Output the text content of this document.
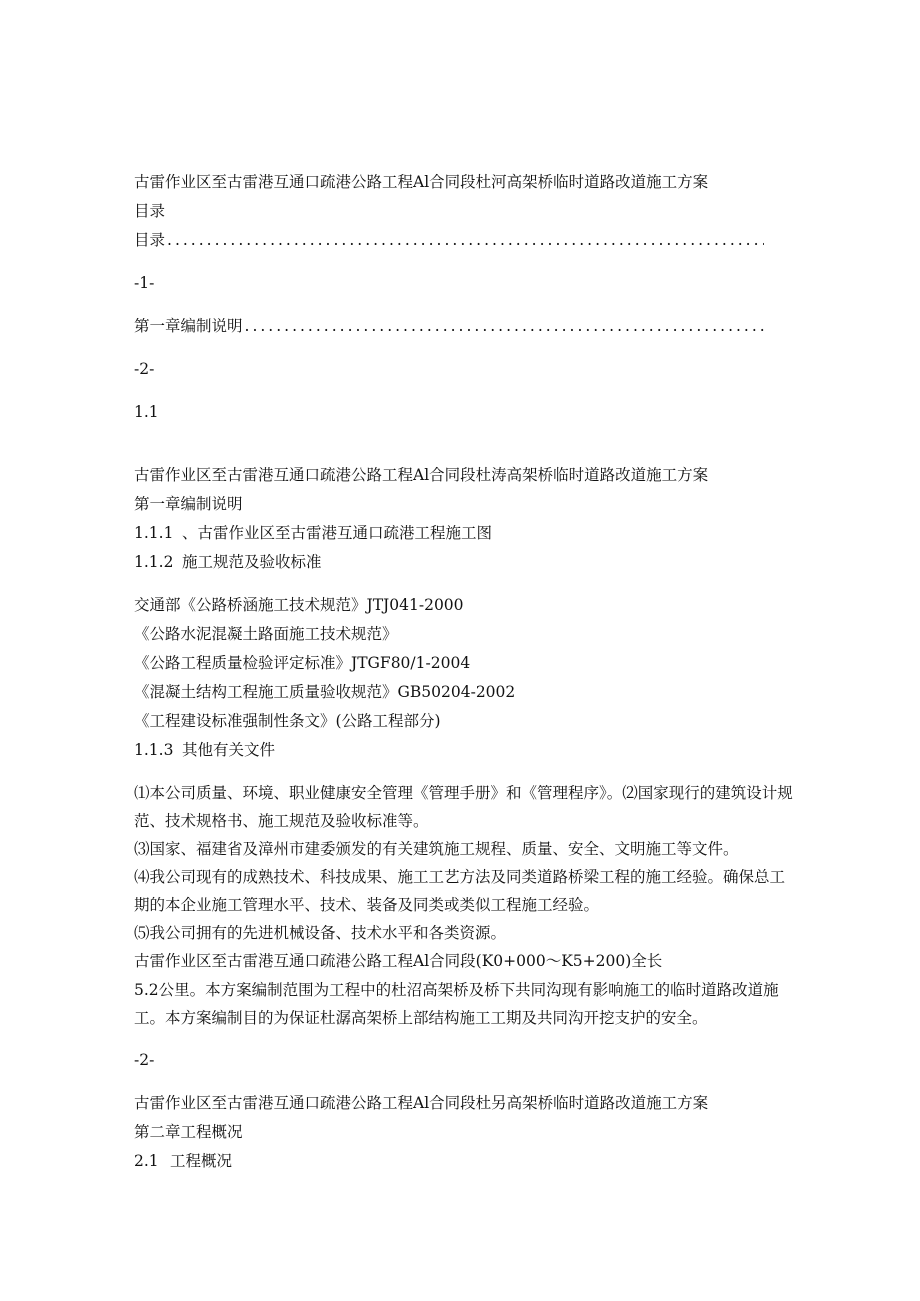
古雷作业区至古雷港互通口疏港公路工程Al合同段杜河高架桥临时道路改道施工方案
目录
目录
.....
-1-
第一章编制说明
.....
-2-
1.1
古雷作业区至古雷港互通口疏港公路工程Al合同段杜涛高架桥临时道路改道施工方案
第一章编制说明
1.1.1 、古雷作业区至古雷港互通口疏港工程施工图
1.1.2 施工规范及验收标准
交通部《公路桥涵施工技术规范》JTJ041-2000
《公路水泥混凝土路面施工技术规范》
《公路工程质量检验评定标准》JTGF80/1-2004
《混凝土结构工程施工质量验收规范》GB50204-2002
《工程建设标准强制性条文》(公路工程部分)
1.1.3 其他有关文件
⑴本公司质量、环境、职业健康安全管理《管理手册》和《管理程序》。⑵国家现行的建筑设计规范、技术规格书、施工规范及验收标准等。
⑶国家、福建省及漳州市建委颁发的有关建筑施工规程、质量、安全、文明施工等文件。
⑷我公司现有的成熟技术、科技成果、施工工艺方法及同类道路桥梁工程的施工经验。确保总工期的本企业施工管理水平、技术、装备及同类或类似工程施工经验。
⑸我公司拥有的先进机械设备、技术水平和各类资源。
古雷作业区至古雷港互通口疏港公路工程Al合同段(K0+000～K5+200)全长
5.2公里。本方案编制范围为工程中的杜沼高架桥及桥下共同沟现有影响施工的临时道路改道施工。本方案编制目的为保证杜潺高架桥上部结构施工工期及共同沟开挖支护的安全。
-2-
古雷作业区至古雷港互通口疏港公路工程Al合同段杜另高架桥临时道路改道施工方案
第二章工程概况
2.1 工程概况
